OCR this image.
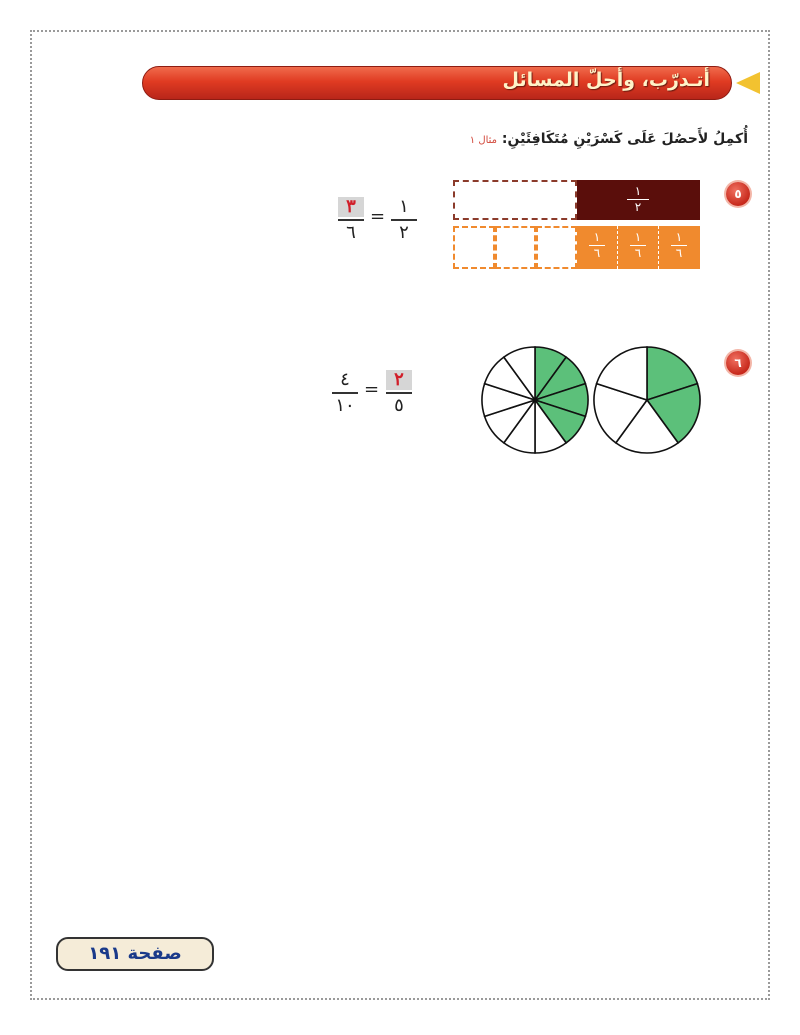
أتـدرّب، وأحلّ المسائل
أُكمِلُ لأَحصُلَ عَلَى كَسْرَيْنِ مُتَكَافِئَيْنِ: مثال ١
٥
٣
٦
= ١
٢
١
٢
١
٦
١
٦
١
٦
٦
٤
١٠
= ٢
٥
صفحة ١٩١
